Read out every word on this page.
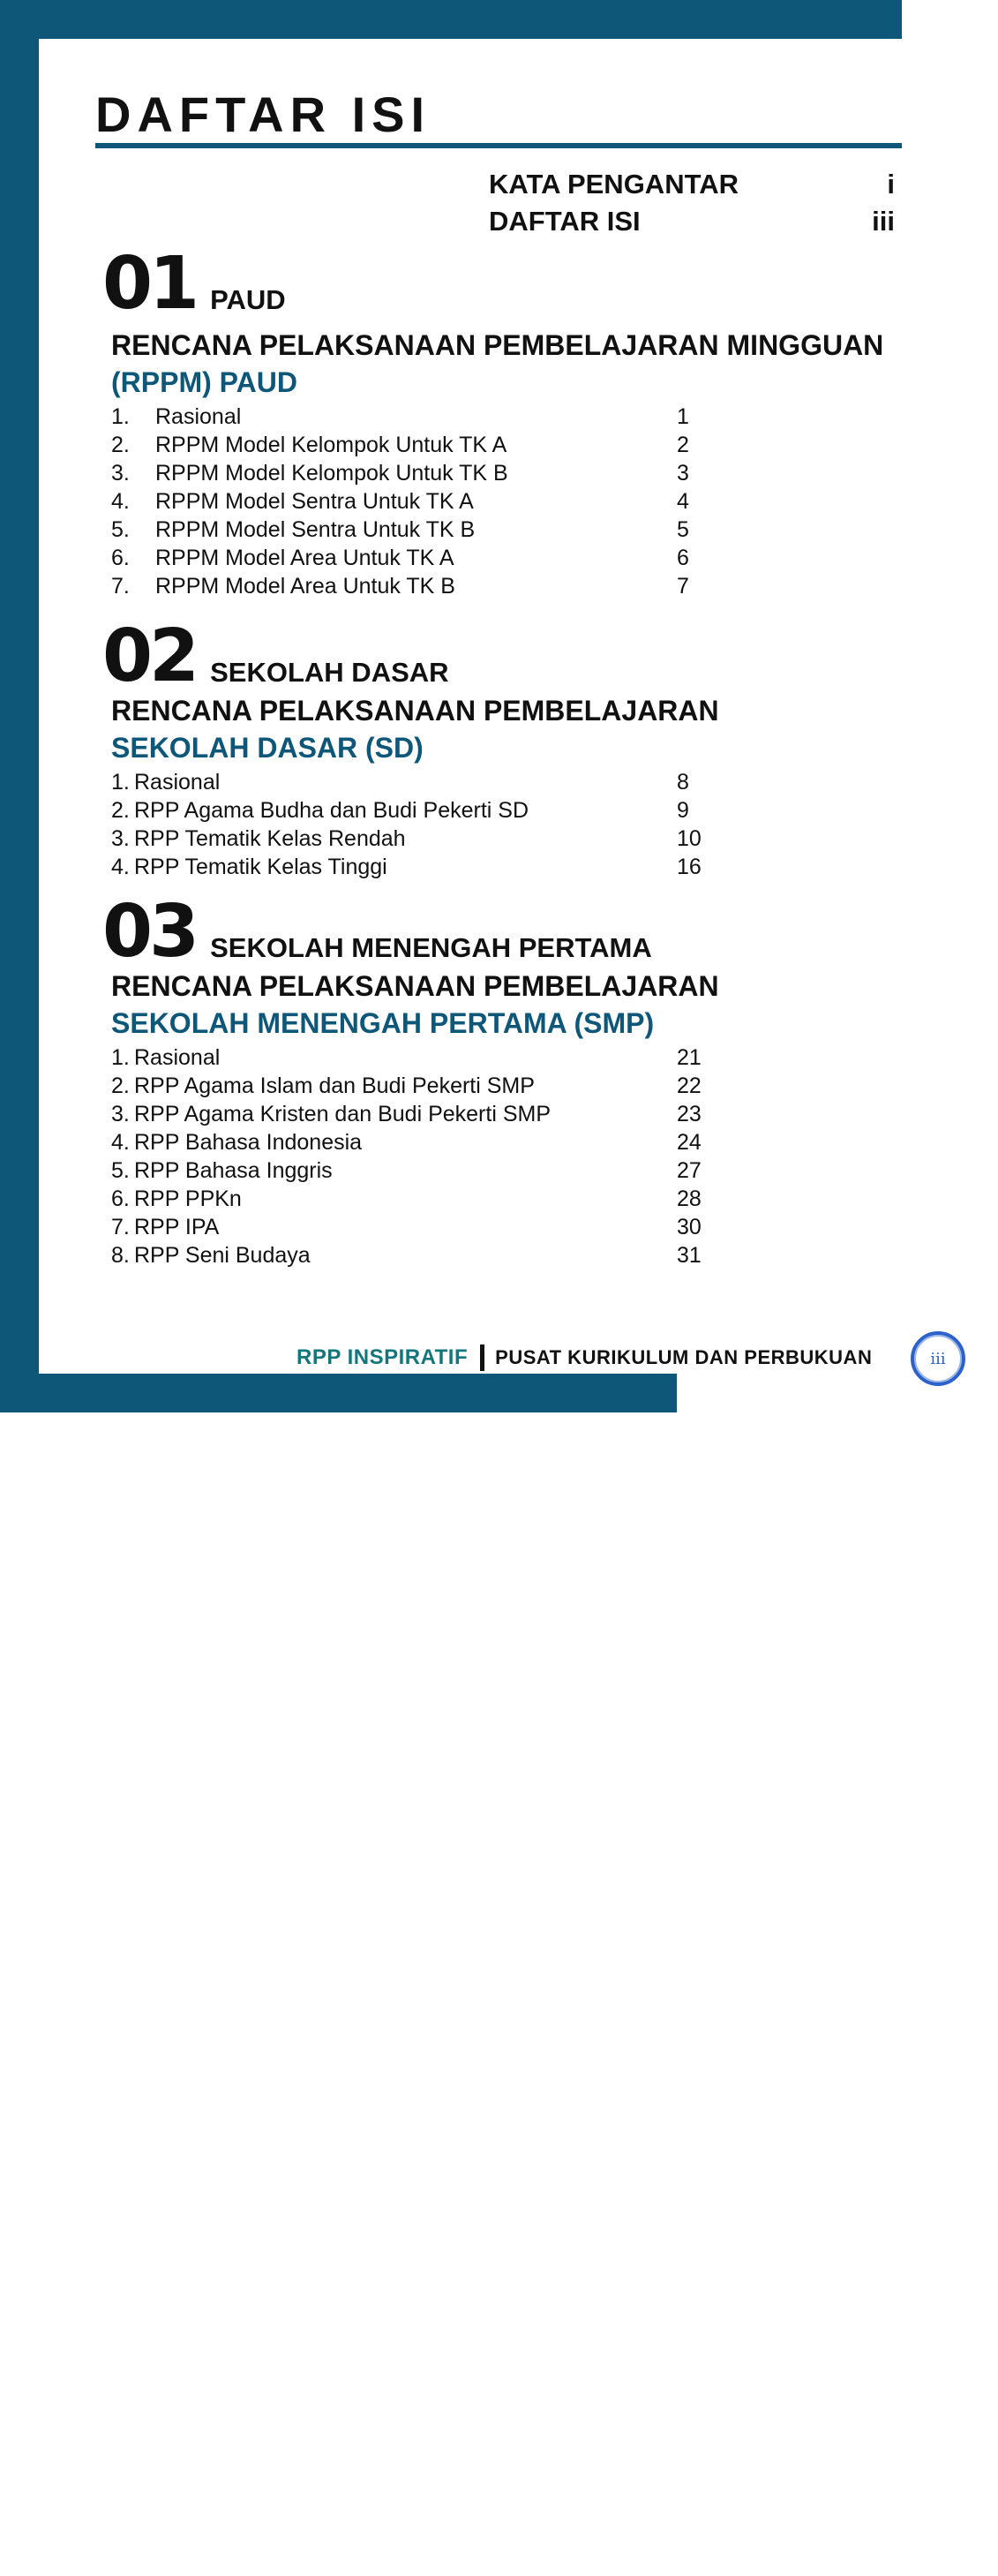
DAFTAR ISI
KATA PENGANTAR	i
DAFTAR ISI	iii
01 PAUD
RENCANA PELAKSANAAN PEMBELAJARAN MINGGUAN
(RPPM) PAUD
1. Rasional	1
2. RPPM Model Kelompok Untuk TK A	2
3. RPPM Model Kelompok Untuk TK B	3
4. RPPM Model Sentra Untuk TK A	4
5. RPPM Model Sentra Untuk TK B	5
6. RPPM Model Area Untuk TK A	6
7. RPPM Model Area Untuk TK B	7
02 SEKOLAH DASAR
RENCANA PELAKSANAAN PEMBELAJARAN
SEKOLAH DASAR (SD)
1. Rasional	8
2. RPP Agama Budha dan Budi Pekerti SD	9
3. RPP Tematik Kelas Rendah	10
4. RPP Tematik Kelas Tinggi	16
03 SEKOLAH MENENGAH PERTAMA
RENCANA PELAKSANAAN PEMBELAJARAN
SEKOLAH MENENGAH PERTAMA (SMP)
1. Rasional	21
2. RPP Agama Islam dan Budi Pekerti SMP	22
3. RPP Agama Kristen dan Budi Pekerti SMP	23
4. RPP Bahasa Indonesia	24
5. RPP Bahasa Inggris	27
6. RPP PPKn	28
7. RPP IPA	30
8. RPP Seni Budaya	31
RPP INSPIRATIF PUSAT KURIKULUM DAN PERBUKUAN	iii
